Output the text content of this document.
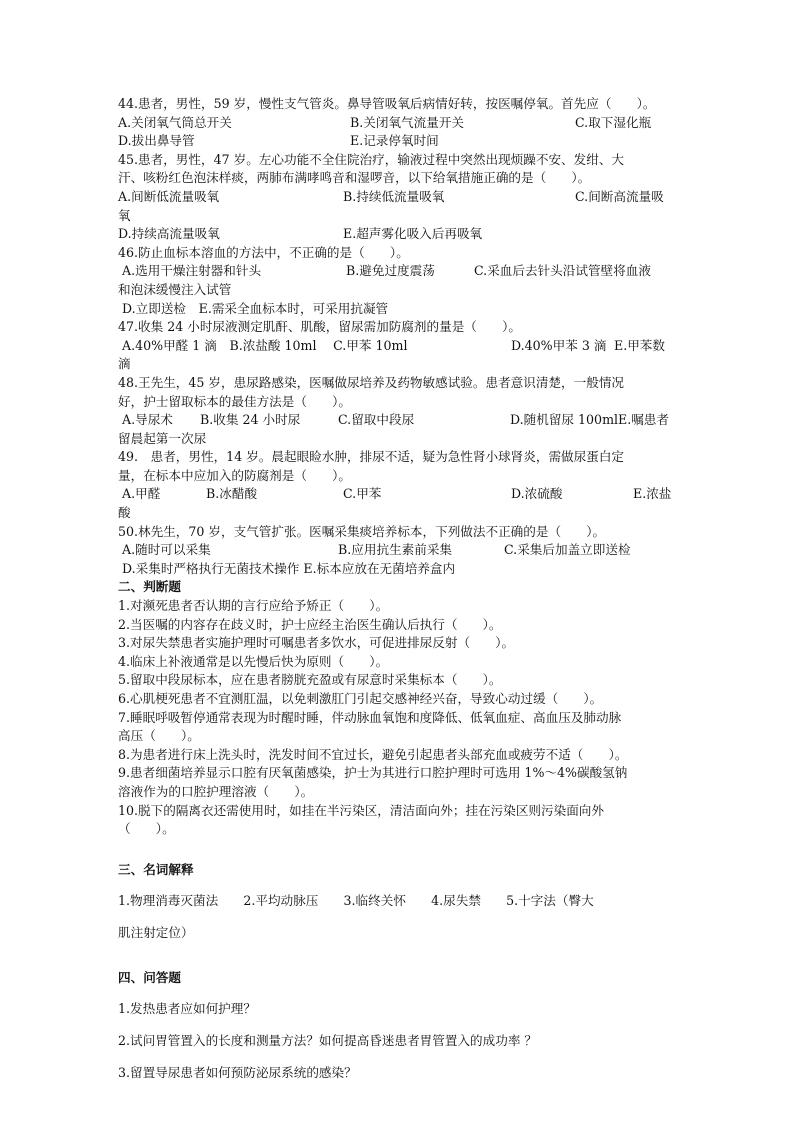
44.患者，男性，59 岁，慢性支气管炎。鼻导管吸氧后病情好转，按医嘱停氧。首先应（　　）。
A.关闭氧气筒总开关	B.关闭氧气流量开关	C.取下湿化瓶
D.拔出鼻导管	E.记录停氧时间
45.患者，男性，47 岁。左心功能不全住院治疗，输液过程中突然出现烦躁不安、发绀、大
汗、咳粉红色泡沫样痰，两肺布满哮鸣音和湿啰音，以下给氧措施正确的是（　　）。
A.间断低流量吸氧	B.持续低流量吸氧	C.间断高流量吸
氧
D.持续高流量吸氧	E.超声雾化吸入后再吸氧
46.防止血标本溶血的方法中，不正确的是（　　）。
A.选用干燥注射器和针头	B.避免过度震荡	C.采血后去针头沿试管壁将血液
和泡沫缓慢注入试管
D.立即送检　E.需采全血标本时，可采用抗凝管
47.收集 24 小时尿液测定肌酐、肌酸，留尿需加防腐剂的量是（　　）。
A.40%甲醛 1 滴　B.浓盐酸 10ml　 C.甲苯 10ml	D.40%甲苯 3 滴 E.甲苯数
滴
48.王先生，45 岁，患尿路感染，医嘱做尿培养及药物敏感试验。患者意识清楚，一般情况
好，护士留取标本的最佳方法是（　　）。
A.导尿术 B.收集 24 小时尿	C.留取中段尿	D.随机留尿 100ml E.嘱患者
留晨起第一次尿
49.　患者，男性，14 岁。晨起眼睑水肿，排尿不适，疑为急性肾小球肾炎，需做尿蛋白定
量，在标本中应加入的防腐剂是（　　）。
A.甲醛	B.冰醋酸	C.甲苯	D.浓硫酸	E.浓盐
酸
50.林先生，70 岁，支气管扩张。医嘱采集痰培养标本，下列做法不正确的是（　　）。
A.随时可以采集	B.应用抗生素前采集	C.采集后加盖立即送检
D.采集时严格执行无菌技术操作 E.标本应放在无菌培养盒内
二、判断题
1.对濒死患者否认期的言行应给予矫正（　　）。
2.当医嘱的内容存在歧义时，护士应经主治医生确认后执行（　　）。
3.对尿失禁患者实施护理时可嘱患者多饮水，可促进排尿反射（　　）。
4.临床上补液通常是以先慢后快为原则（　　）。
5.留取中段尿标本，应在患者膀胱充盈或有尿意时采集标本（　　）。
6.心肌梗死患者不宜测肛温，以免刺激肛门引起交感神经兴奋，导致心动过缓（　　）。
7.睡眠呼吸暂停通常表现为时醒时睡，伴动脉血氧饱和度降低、低氧血症、高血压及肺动脉
高压（　　）。
8.为患者进行床上洗头时，洗发时间不宜过长，避免引起患者头部充血或疲劳不适（　　）。
9.患者细菌培养显示口腔有厌氧菌感染，护士为其进行口腔护理时可选用 1%～4%碳酸氢钠
溶液作为的口腔护理溶液（　　）。
10.脱下的隔离衣还需使用时，如挂在半污染区，清洁面向外；挂在污染区则污染面向外
（　　）。
三、名词解释
1.物理消毒灭菌法　　2.平均动脉压　　3.临终关怀　　4.尿失禁　　5.十字法（臀大
肌注射定位）
四、问答题
1.发热患者应如何护理？
2.试问胃管置入的长度和测量方法？如何提高昏迷患者胃管置入的成功率 ？
3.留置导尿患者如何预防泌尿系统的感染？
